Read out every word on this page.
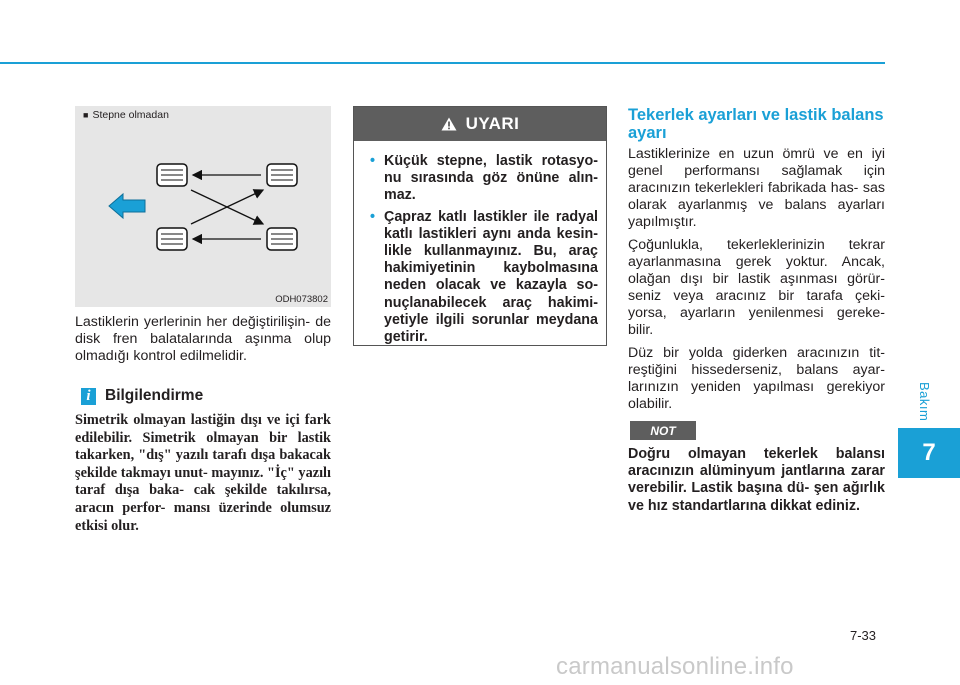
■ Stepne olmadan
ODH073802

Lastiklerin yerlerinin her değiştirilişin- de disk fren balatalarında aşınma olup olmadığı kontrol edilmelidir.

i Bilgilendirme

Simetrik olmayan lastiğin dışı ve içi fark edilebilir. Simetrik olmayan bir lastik takarken, "dış" yazılı tarafı dışa bakacak şekilde takmayı unut- mayınız. "İç" yazılı taraf dışa baka- cak şekilde takılırsa, aracın perfor- mansı üzerinde olumsuz etkisi olur.

UYARI
• Küçük stepne, lastik rotasyo- nu sırasında göz önüne alın- maz.
• Çapraz katlı lastikler ile radyal katlı lastikleri aynı anda kesin- likle kullanmayınız. Bu, araç hakimiyetinin kaybolmasına neden olacak ve kazayla so- nuçlanabilecek araç hakimi- yetiyle ilgili sorunlar meydana getirir.
Tekerlek ayarları ve lastik balans ayarı

Lastiklerinize en uzun ömrü ve en iyi genel performansı sağlamak için aracınızın tekerlekleri fabrikada has- sas olarak ayarlanmış ve balans ayarları yapılmıştır.

Çoğunlukla, tekerleklerinizin tekrar ayarlanmasına gerek yoktur. Ancak, olağan dışı bir lastik aşınması görür- seniz veya aracınız bir tarafa çeki- yorsa, ayarların yenilenmesi gereke- bilir.

Düz bir yolda giderken aracınızın tit- reştiğini hissederseniz, balans ayar- larınızın yeniden yapılması gerekiyor olabilir.

NOT

Doğru olmayan tekerlek balansı aracınızın alüminyum jantlarına zarar verebilir. Lastik başına dü- şen ağırlık ve hız standartlarına dikkat ediniz.

Bakım
7
7-33
carmanualsonline.info
